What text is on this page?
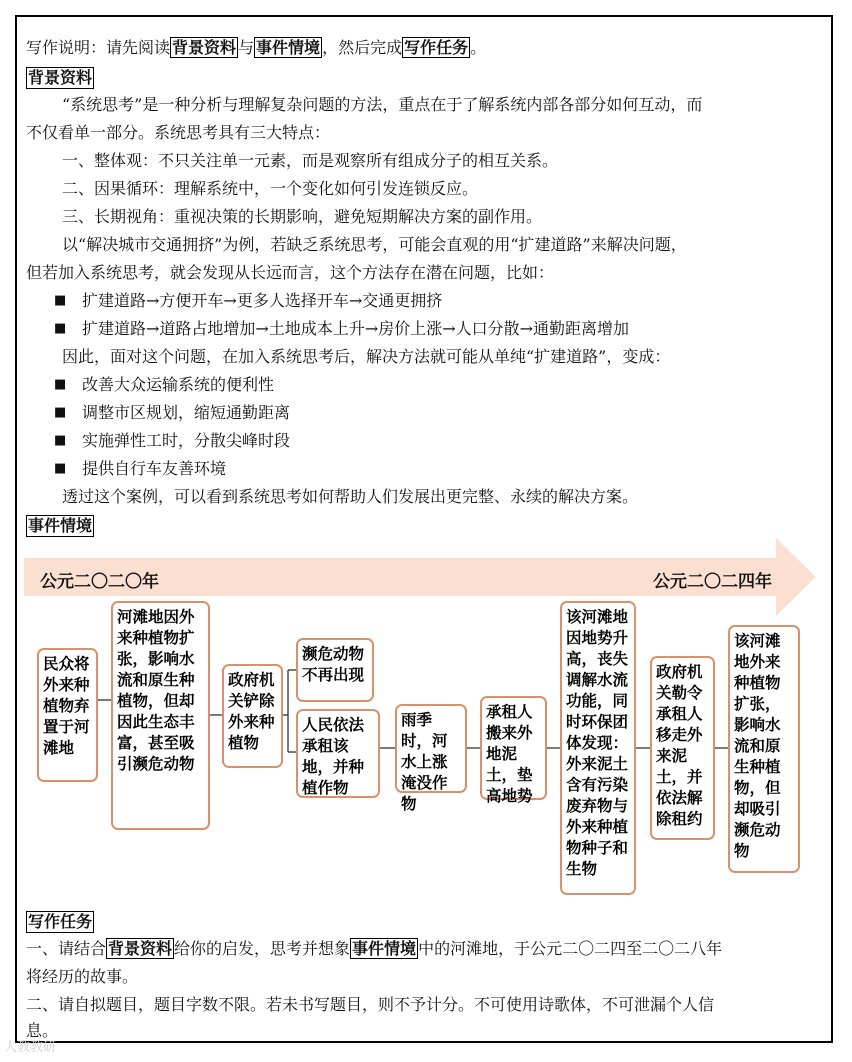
写作说明：请先阅读 背景资料 与 事件情境 ，然后完成 写作任务 。
背景资料
“系统思考”是一种分析与理解复杂问题的方法，重点在于了解系统内部各部分如何互动，而
不仅看单一部分。系统思考具有三大特点：
一、整体观：不只关注单一元素，而是观察所有组成分子的相互关系。
二、因果循环：理解系统中，一个变化如何引发连锁反应。
三、长期视角：重视决策的长期影响，避免短期解决方案的副作用。
以“解决城市交通拥挤”为例，若缺乏系统思考，可能会直观的用“扩建道路”来解决问题，
但若加入系统思考，就会发现从长远而言，这个方法存在潜在问题，比如：
■ 扩建道路→方便开车→更多人选择开车→交通更拥挤
■ 扩建道路→道路占地增加→土地成本上升→房价上涨→人口分散→通勤距离增加
因此，面对这个问题，在加入系统思考后，解决方法就可能从单纯“扩建道路”，变成：
■ 改善大众运输系统的便利性
■ 调整市区规划，缩短通勤距离
■ 实施弹性工时，分散尖峰时段
■ 提供自行车友善环境
透过这个案例，可以看到系统思考如何帮助人们发展出更完整、永续的解决方案。
事件情境
公元二〇二〇年	公元二〇二四年
民众将外来种植物弃置于河滩地
河滩地因外来种植物扩张，影响水流和原生种植物，但却因此生态丰富，甚至吸引濒危动物
政府机关铲除外来种植物
濒危动物不再出现
人民依法承租该地，并种植作物
雨季时，河水上涨淹没作物
承租人搬来外地泥土，垫高地势
该河滩地因地势升高，丧失调解水流功能，同时环保团体发现：外来泥土含有污染废弃物与外来种植物种子和生物
政府机关勒令承租人移走外来泥土，并依法解除租约
该河滩地外来种植物扩张，影响水流和原生种植物，但却吸引濒危动物
写作任务
一、请结合 背景资料 给你的启发，思考并想象 事件情境 中的河滩地，于公元二〇二四至二〇二八年
将经历的故事。
二、请自拟题目，题目字数不限。若未书写题目，则不予计分。不可使用诗歌体，不可泄漏个人信
息。
人教教研
